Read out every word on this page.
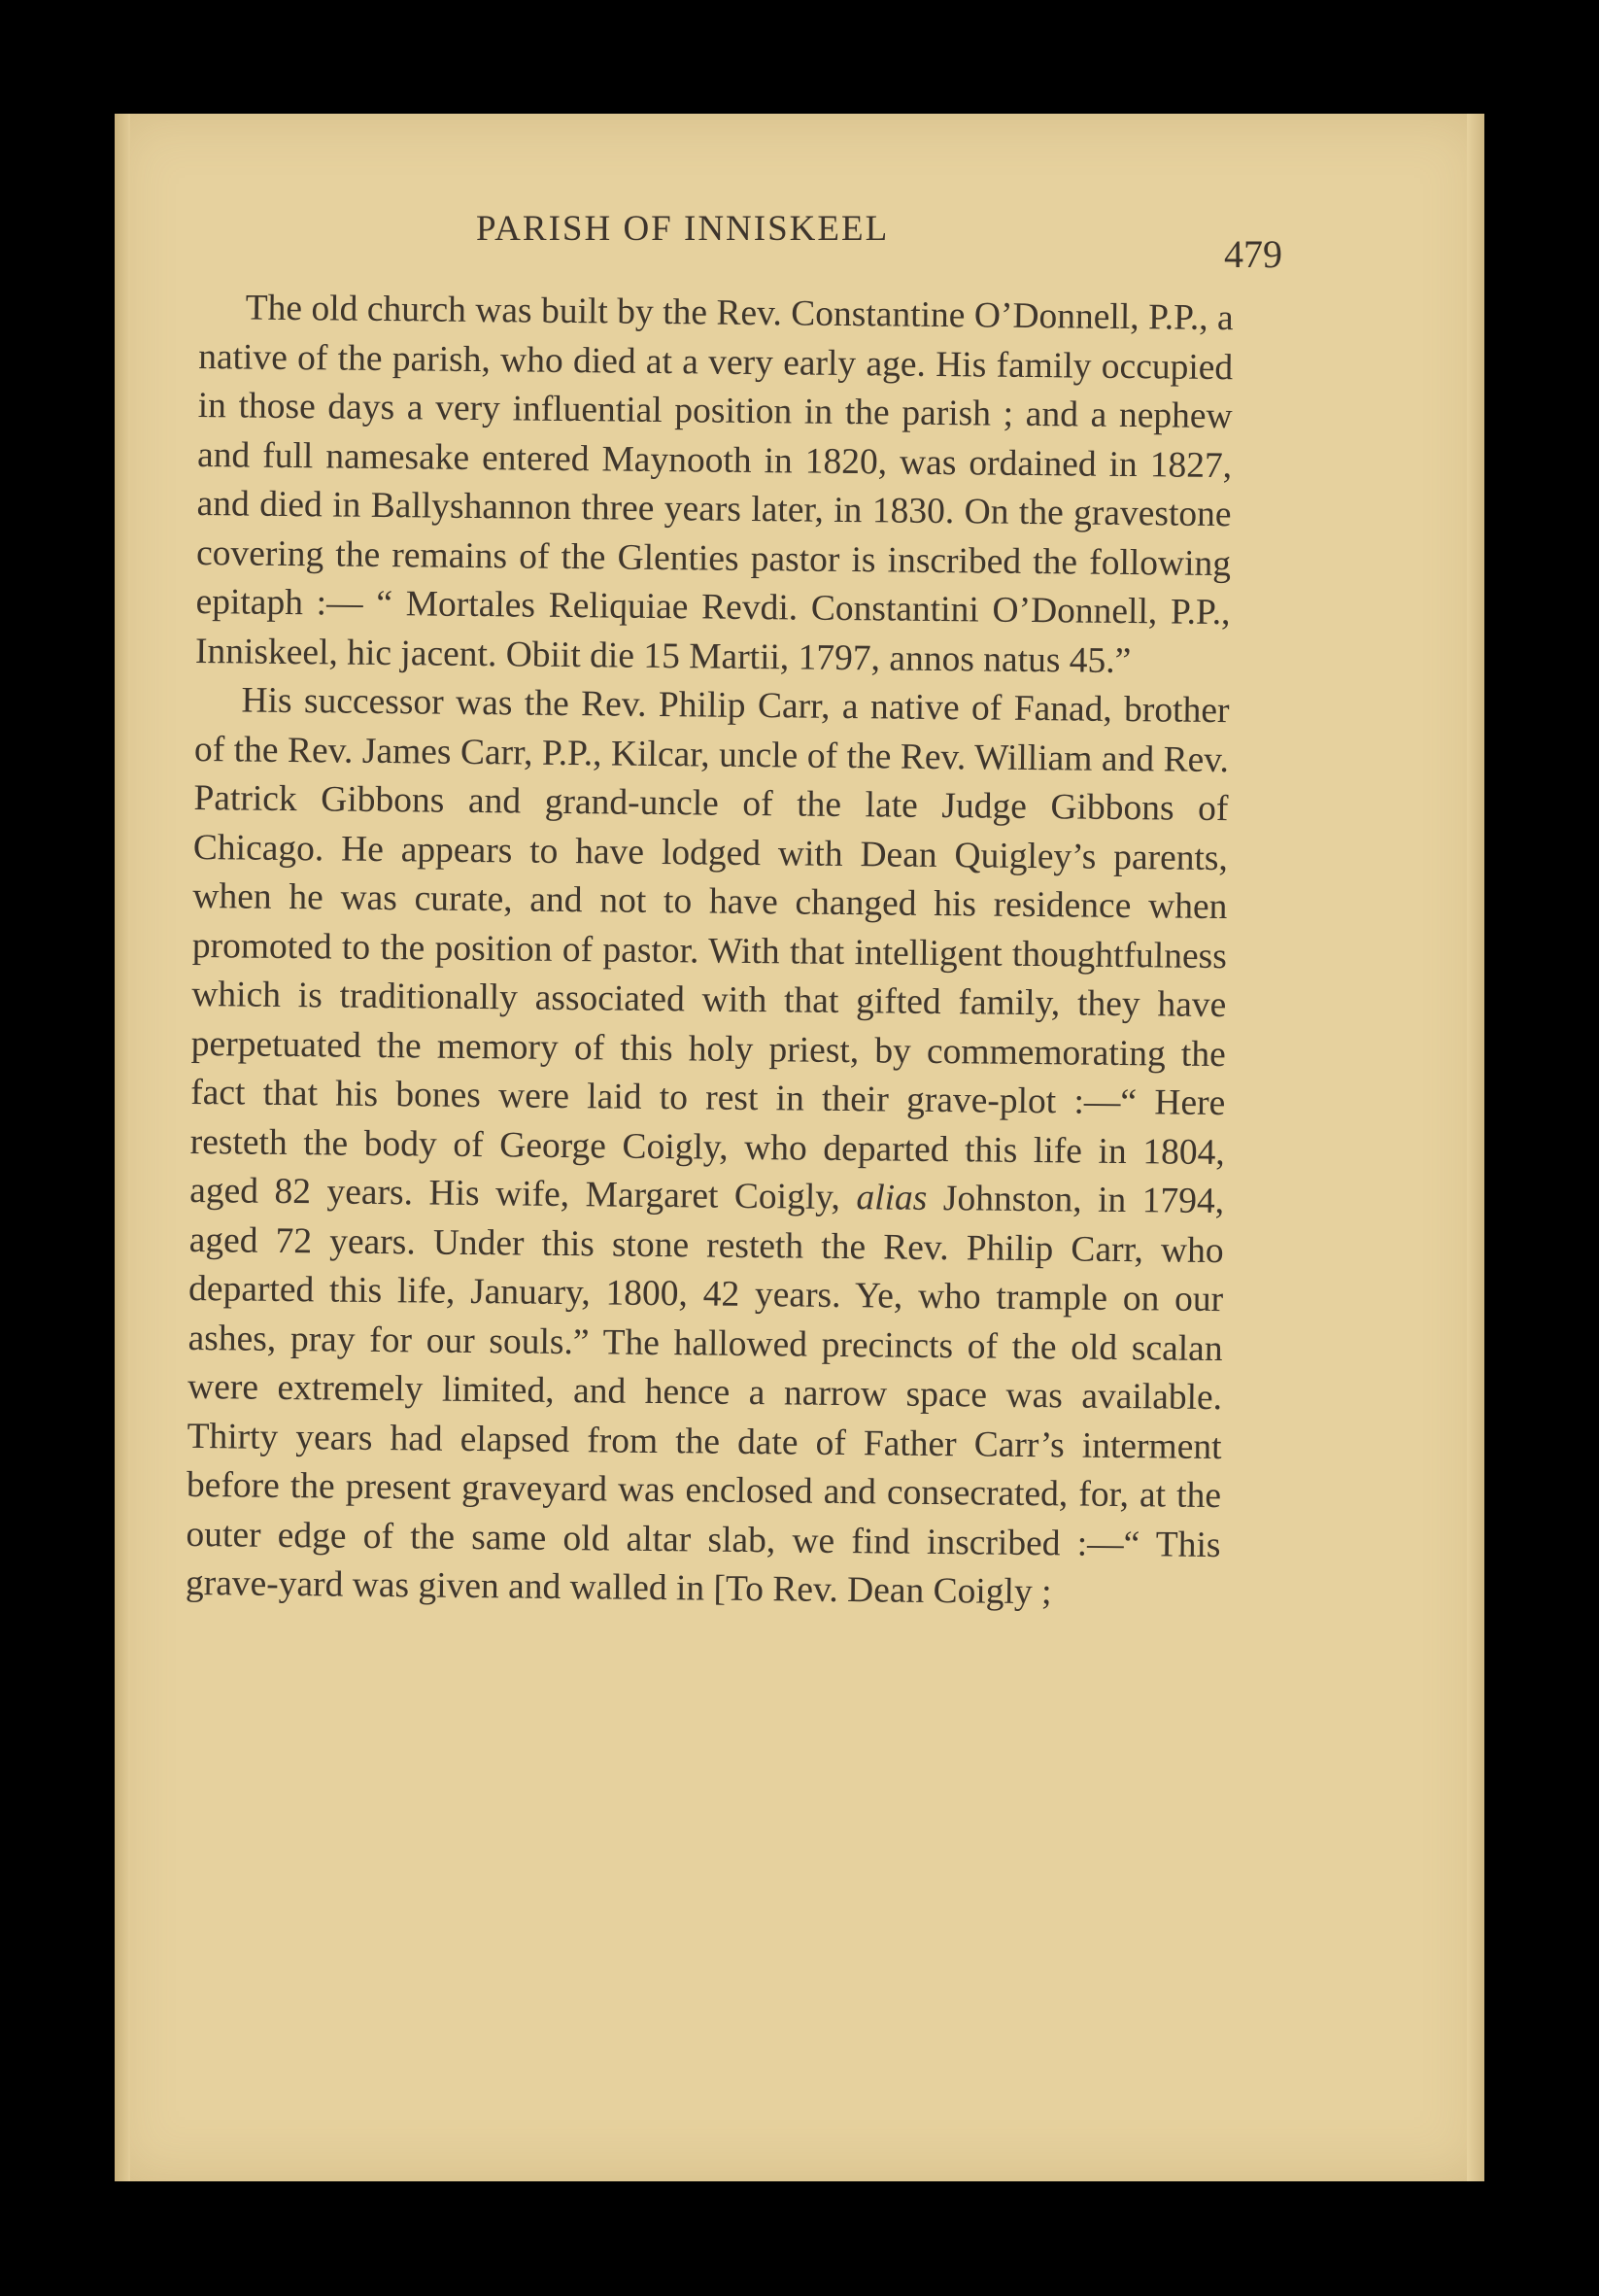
PARISH OF INNISKEEL
479

The old church was built by the Rev. Constantine O’Donnell, P.P., a native of the parish, who died at a very early age. His family occupied in those days a very influential position in the parish ; and a nephew and full namesake entered Maynooth in 1820, was ordained in 1827, and died in Ballyshannon three years later, in 1830. On the gravestone covering the remains of the Glenties pastor is inscribed the following epitaph :— “ Mortales Reliquiae Revdi. Constantini O’Donnell, P.P., Inniskeel, hic jacent. Obiit die 15 Martii, 1797, annos natus 45.”

His successor was the Rev. Philip Carr, a native of Fanad, brother of the Rev. James Carr, P.P., Kilcar, uncle of the Rev. William and Rev. Patrick Gibbons and grand-uncle of the late Judge Gibbons of Chicago. He appears to have lodged with Dean Quigley’s parents, when he was curate, and not to have changed his residence when promoted to the position of pastor. With that intelligent thoughtfulness which is traditionally associated with that gifted family, they have perpetuated the memory of this holy priest, by commemorating the fact that his bones were laid to rest in their grave-plot :—“ Here resteth the body of George Coigly, who departed this life in 1804, aged 82 years. His wife, Margaret Coigly, alias Johnston, in 1794, aged 72 years. Under this stone resteth the Rev. Philip Carr, who departed this life, January, 1800, 42 years. Ye, who trample on our ashes, pray for our souls.” The hallowed precincts of the old scalan were extremely limited, and hence a narrow space was available. Thirty years had elapsed from the date of Father Carr’s interment before the present graveyard was enclosed and consecrated, for, at the outer edge of the same old altar slab, we find inscribed :—“ This grave-yard was given and walled in [To Rev. Dean Coigly ;
